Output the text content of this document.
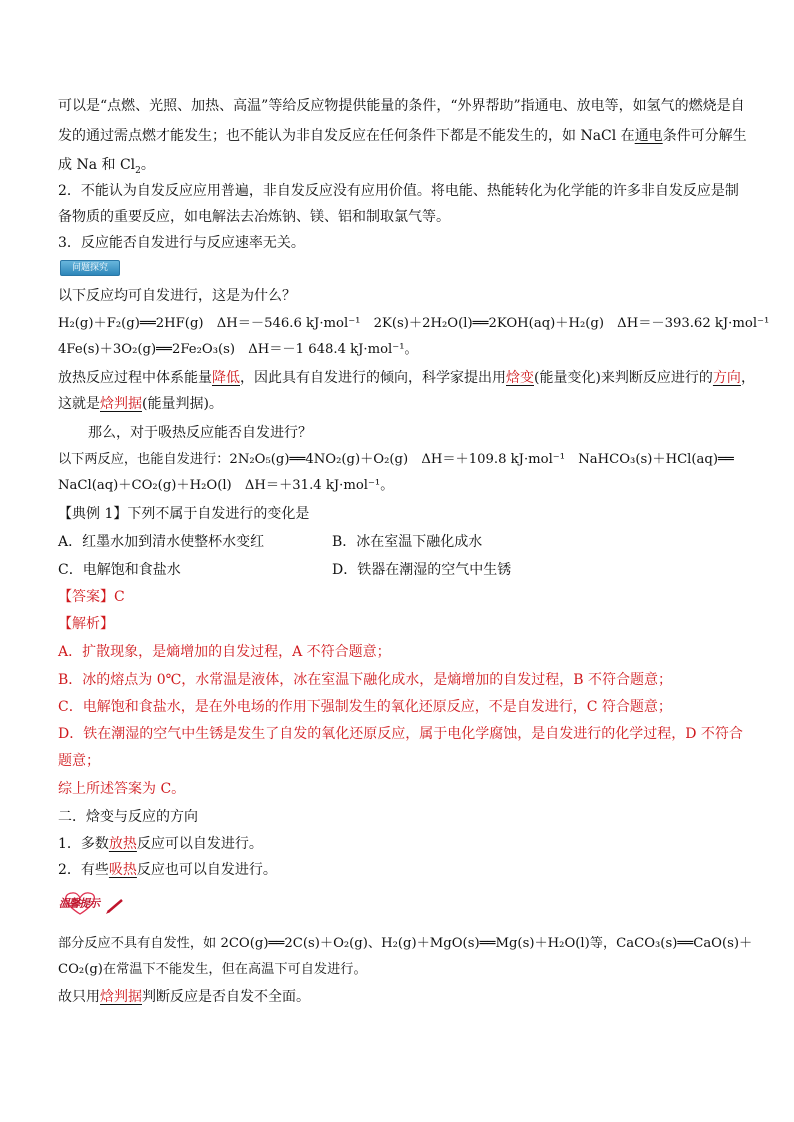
可以是“点燃、光照、加热、高温”等给反应物提供能量的条件，“外界帮助”指通电、放电等，如氢气的燃烧是自
发的通过需点燃才能发生；也不能认为非自发反应在任何条件下都是不能发生的，如 NaCl 在通电条件可分解生
成 Na 和 $Cl_2$。
2．不能认为自发反应应用普遍，非自发反应没有应用价值。将电能、热能转化为化学能的许多非自发反应是制
备物质的重要反应，如电解法去冶炼钠、镁、铝和制取氯气等。
3．反应能否自发进行与反应速率无关。
问题探究
以下反应均可自发进行，这是为什么？
H₂(g)＋F₂(g)══2HF(g)　ΔH＝－546.6 kJ·mol⁻¹　2K(s)＋2H₂O(l)══2KOH(aq)＋H₂(g)　ΔH＝－393.62 kJ·mol⁻¹
4Fe(s)＋3O₂(g)══2Fe₂O₃(s)　ΔH＝－1 648.4 kJ·mol⁻¹。
放热反应过程中体系能量降低，因此具有自发进行的倾向，科学家提出用焓变(能量变化)来判断反应进行的方向，
这就是焓判据(能量判据)。
那么，对于吸热反应能否自发进行？
以下两反应，也能自发进行：2N₂O₅(g)══4NO₂(g)＋O₂(g)　ΔH＝＋109.8 kJ·mol⁻¹　NaHCO₃(s)＋HCl(aq)══
NaCl(aq)＋CO₂(g)＋H₂O(l)　ΔH＝＋31.4 kJ·mol⁻¹。
【典例 1】下列不属于自发进行的变化是
A．红墨水加到清水使整杯水变红	B．冰在室温下融化成水
C．电解饱和食盐水	D．铁器在潮湿的空气中生锈
【答案】C
【解析】
A．扩散现象，是熵增加的自发过程，A 不符合题意；
B．冰的熔点为 0℃，水常温是液体，冰在室温下融化成水，是熵增加的自发过程，B 不符合题意；
C．电解饱和食盐水，是在外电场的作用下强制发生的氧化还原反应，不是自发进行，C 符合题意；
D．铁在潮湿的空气中生锈是发生了自发的氧化还原反应，属于电化学腐蚀，是自发进行的化学过程，D 不符合
题意；
综上所述答案为 C。
二．焓变与反应的方向
1．多数放热反应可以自发进行。
2．有些吸热反应也可以自发进行。
温馨提示
部分反应不具有自发性，如 2CO(g)══2C(s)＋O₂(g)、H₂(g)＋MgO(s)══Mg(s)＋H₂O(l)等，CaCO₃(s)══CaO(s)＋
CO₂(g)在常温下不能发生，但在高温下可自发进行。
故只用焓判据判断反应是否自发不全面。
